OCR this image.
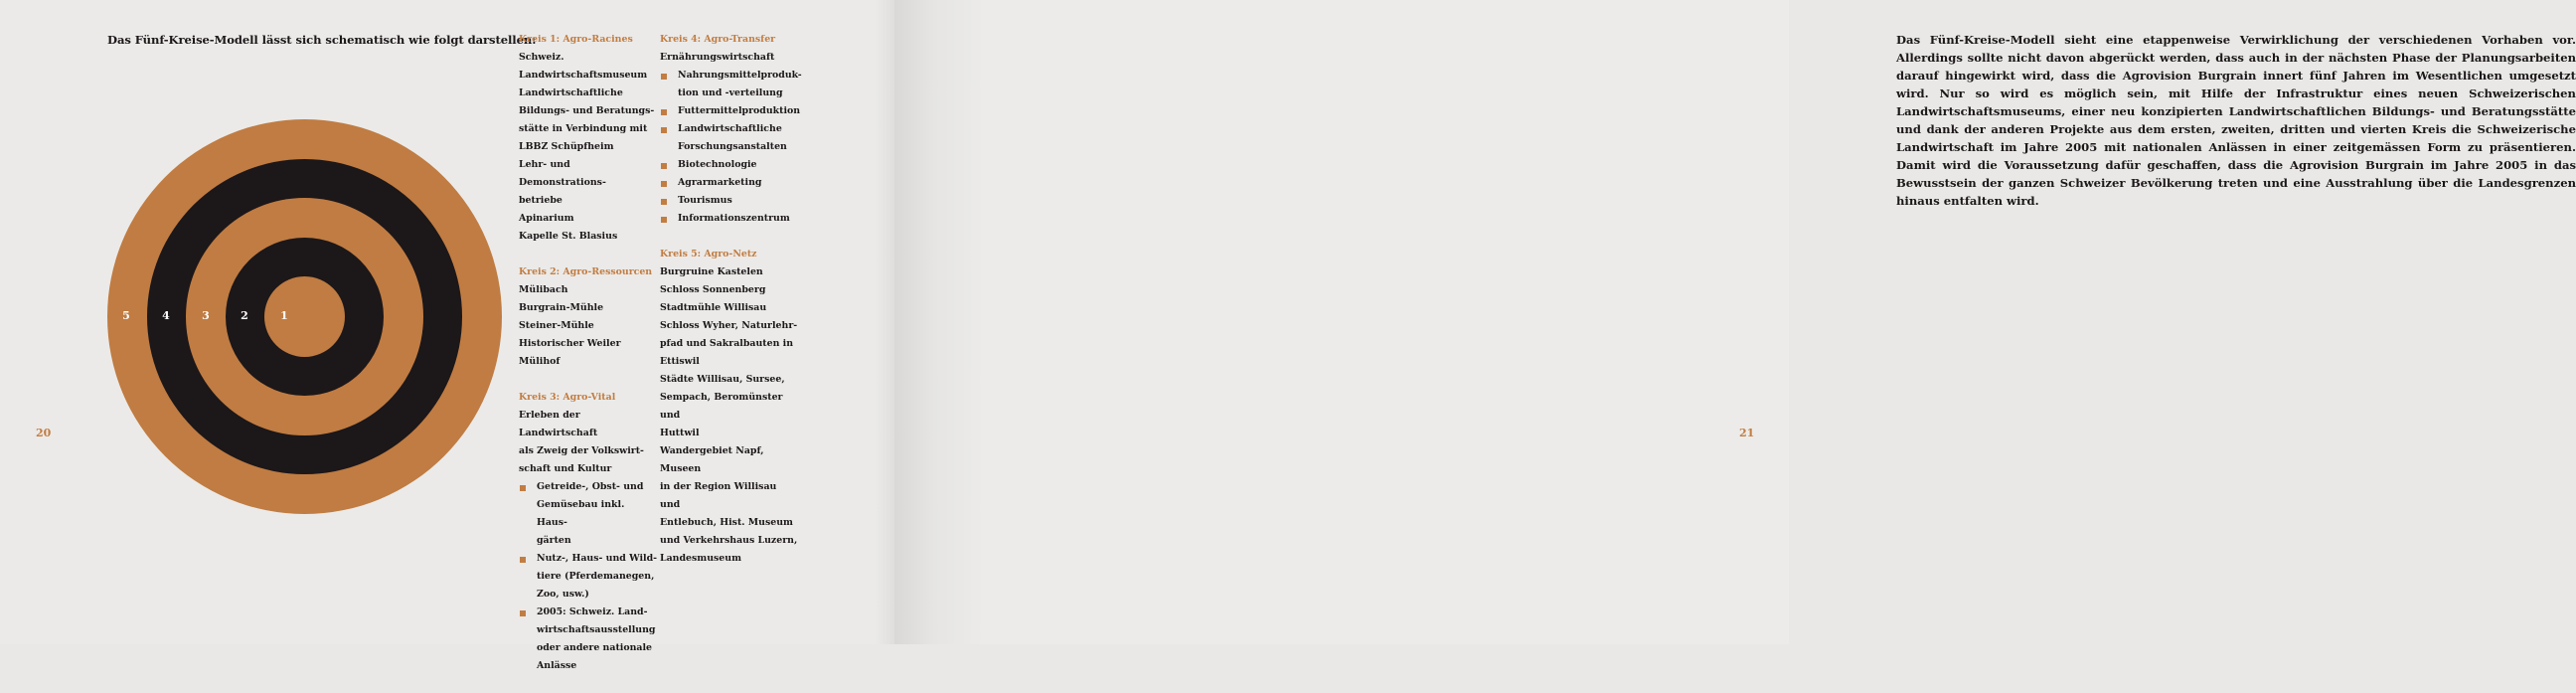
Das Fünf-Kreise-Modell lässt sich schematisch wie folgt darstellen:
5	4	3	2	1
Kreis 1: Agro-Racines
Schweiz.
Landwirtschaftsmuseum
Landwirtschaftliche
Bildungs- und Beratungs-
stätte in Verbindung mit
LBBZ Schüpfheim
Lehr- und Demonstrations-
betriebe
Apinarium
Kapelle St. Blasius
Kreis 2: Agro-Ressourcen
Mülibach
Burgrain-Mühle
Steiner-Mühle
Historischer Weiler Mülihof
Kreis 3: Agro-Vital
Erleben der Landwirtschaft
als Zweig der Volkswirt-
schaft und Kultur
Getreide-, Obst- und
Gemüsebau inkl. Haus-
gärten
Nutz-, Haus- und Wild-
tiere (Pferdemanegen,
Zoo, usw.)
2005: Schweiz. Land-
wirtschaftsausstellung
oder andere nationale
Anlässe
Kreis 4: Agro-Transfer
Ernährungswirtschaft
Nahrungsmittelproduk-
tion und -verteilung
Futtermittelproduktion
Landwirtschaftliche
Forschungsanstalten
Biotechnologie
Agrarmarketing
Tourismus
Informationszentrum
Kreis 5: Agro-Netz
Burgruine Kastelen
Schloss Sonnenberg
Stadtmühle Willisau
Schloss Wyher, Naturlehr-
pfad und Sakralbauten in
Ettiswil
Städte Willisau, Sursee,
Sempach, Beromünster und
Huttwil
Wandergebiet Napf, Museen
in der Region Willisau und
Entlebuch, Hist. Museum
und Verkehrshaus Luzern,
Landesmuseum

Das Fünf-Kreise-Modell sieht eine etappenweise Verwirklichung der verschiedenen Vorhaben vor. Allerdings sollte nicht davon abgerückt werden, dass auch in der nächsten Phase der Planungsarbeiten darauf hingewirkt wird, dass die Agrovision Burgrain innert fünf Jahren im Wesentlichen umgesetzt wird. Nur so wird es möglich sein, mit Hilfe der Infrastruktur eines neuen Schweizerischen Landwirtschaftsmuseums, einer neu konzipierten Landwirtschaftlichen Bildungs- und Beratungsstätte und dank der anderen Projekte aus dem ersten, zweiten, dritten und vierten Kreis die Schweizerische Landwirtschaft im Jahre 2005 mit nationalen Anlässen in einer zeitgemässen Form zu präsentieren. Damit wird die Voraussetzung dafür geschaffen, dass die Agrovision Burgrain im Jahre 2005 in das Bewusstsein der ganzen Schweizer Bevölkerung treten und eine Ausstrahlung über die Landesgrenzen hinaus entfalten wird.

20	21
